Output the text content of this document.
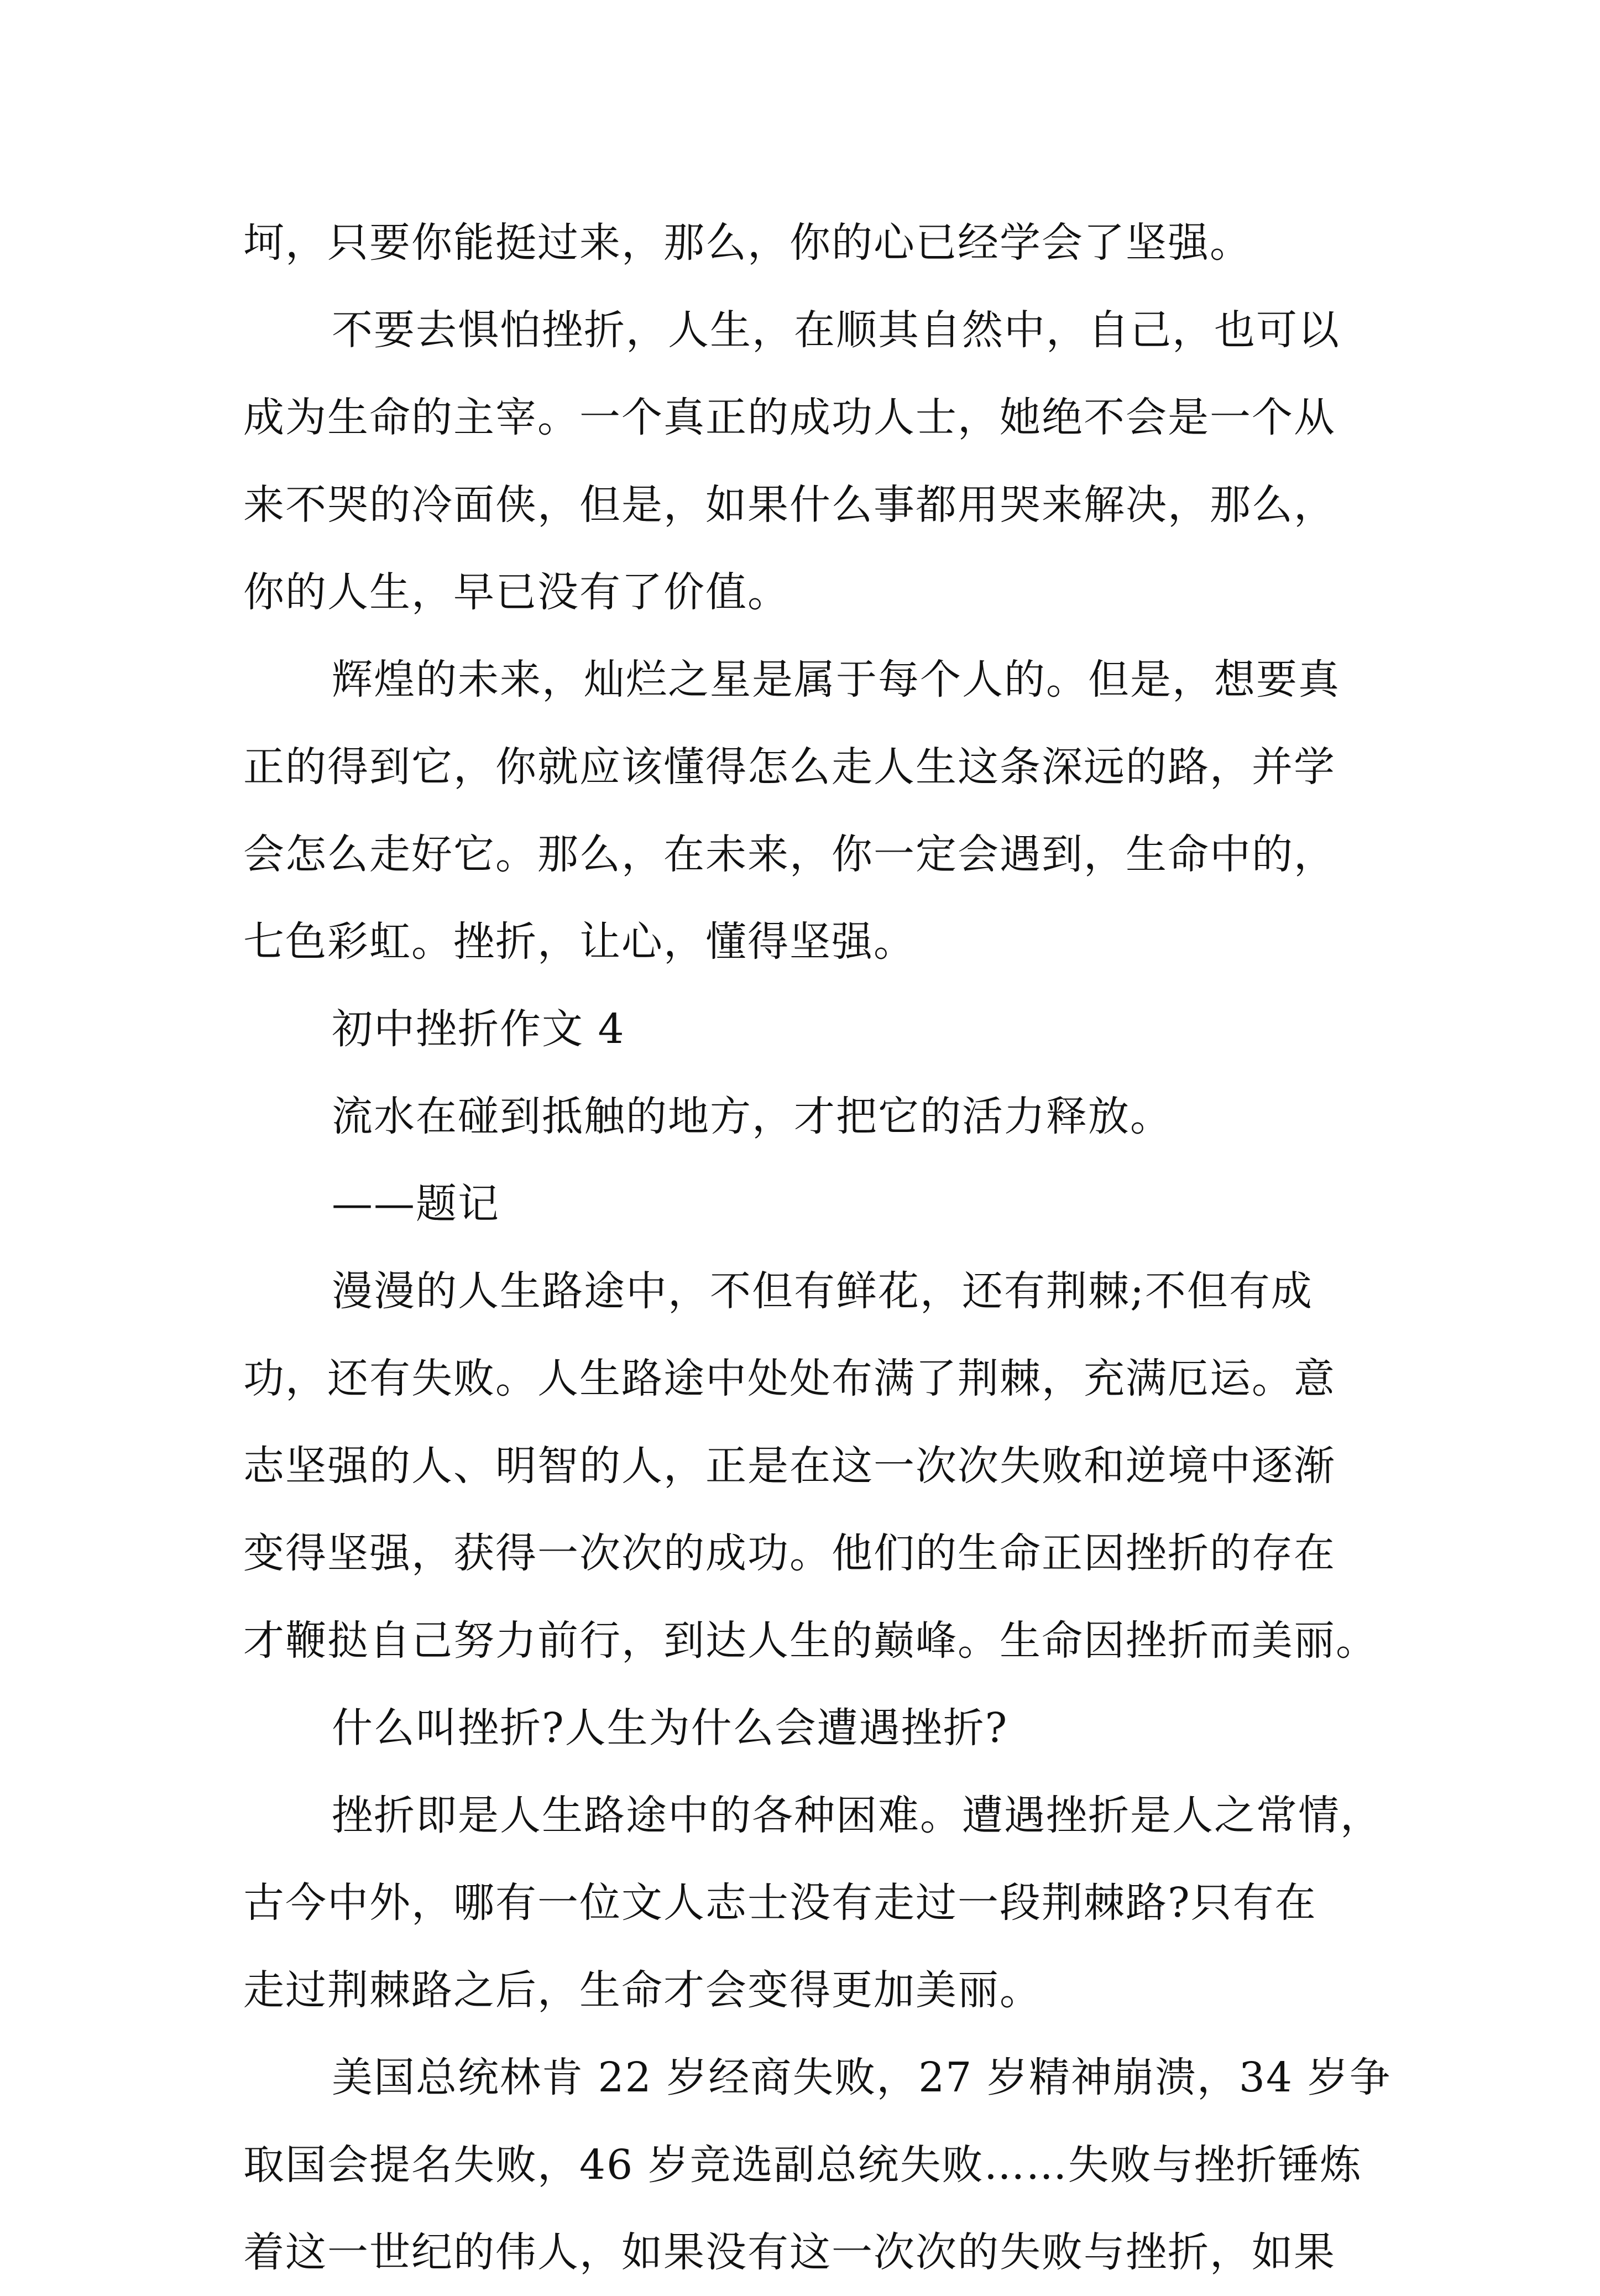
坷，只要你能挺过来，那么，你的心已经学会了坚强。
不要去惧怕挫折，人生，在顺其自然中，自己，也可以
成为生命的主宰。一个真正的成功人士，她绝不会是一个从
来不哭的冷面侠，但是，如果什么事都用哭来解决，那么，
你的人生，早已没有了价值。
辉煌的未来，灿烂之星是属于每个人的。但是，想要真
正的得到它，你就应该懂得怎么走人生这条深远的路，并学
会怎么走好它。那么，在未来，你一定会遇到，生命中的，
七色彩虹。挫折，让心，懂得坚强。
初中挫折作文 4
流水在碰到抵触的地方，才把它的活力释放。
——题记
漫漫的人生路途中，不但有鲜花，还有荆棘;不但有成
功，还有失败。人生路途中处处布满了荆棘，充满厄运。意
志坚强的人、明智的人，正是在这一次次失败和逆境中逐渐
变得坚强，获得一次次的成功。他们的生命正因挫折的存在
才鞭挞自己努力前行，到达人生的巅峰。生命因挫折而美丽。
什么叫挫折?人生为什么会遭遇挫折?
挫折即是人生路途中的各种困难。遭遇挫折是人之常情，
古今中外，哪有一位文人志士没有走过一段荆棘路?只有在
走过荆棘路之后，生命才会变得更加美丽。
美国总统林肯 22 岁经商失败，27 岁精神崩溃，34 岁争
取国会提名失败，46 岁竞选副总统失败……失败与挫折锤炼
着这一世纪的伟人，如果没有这一次次的失败与挫折，如果
